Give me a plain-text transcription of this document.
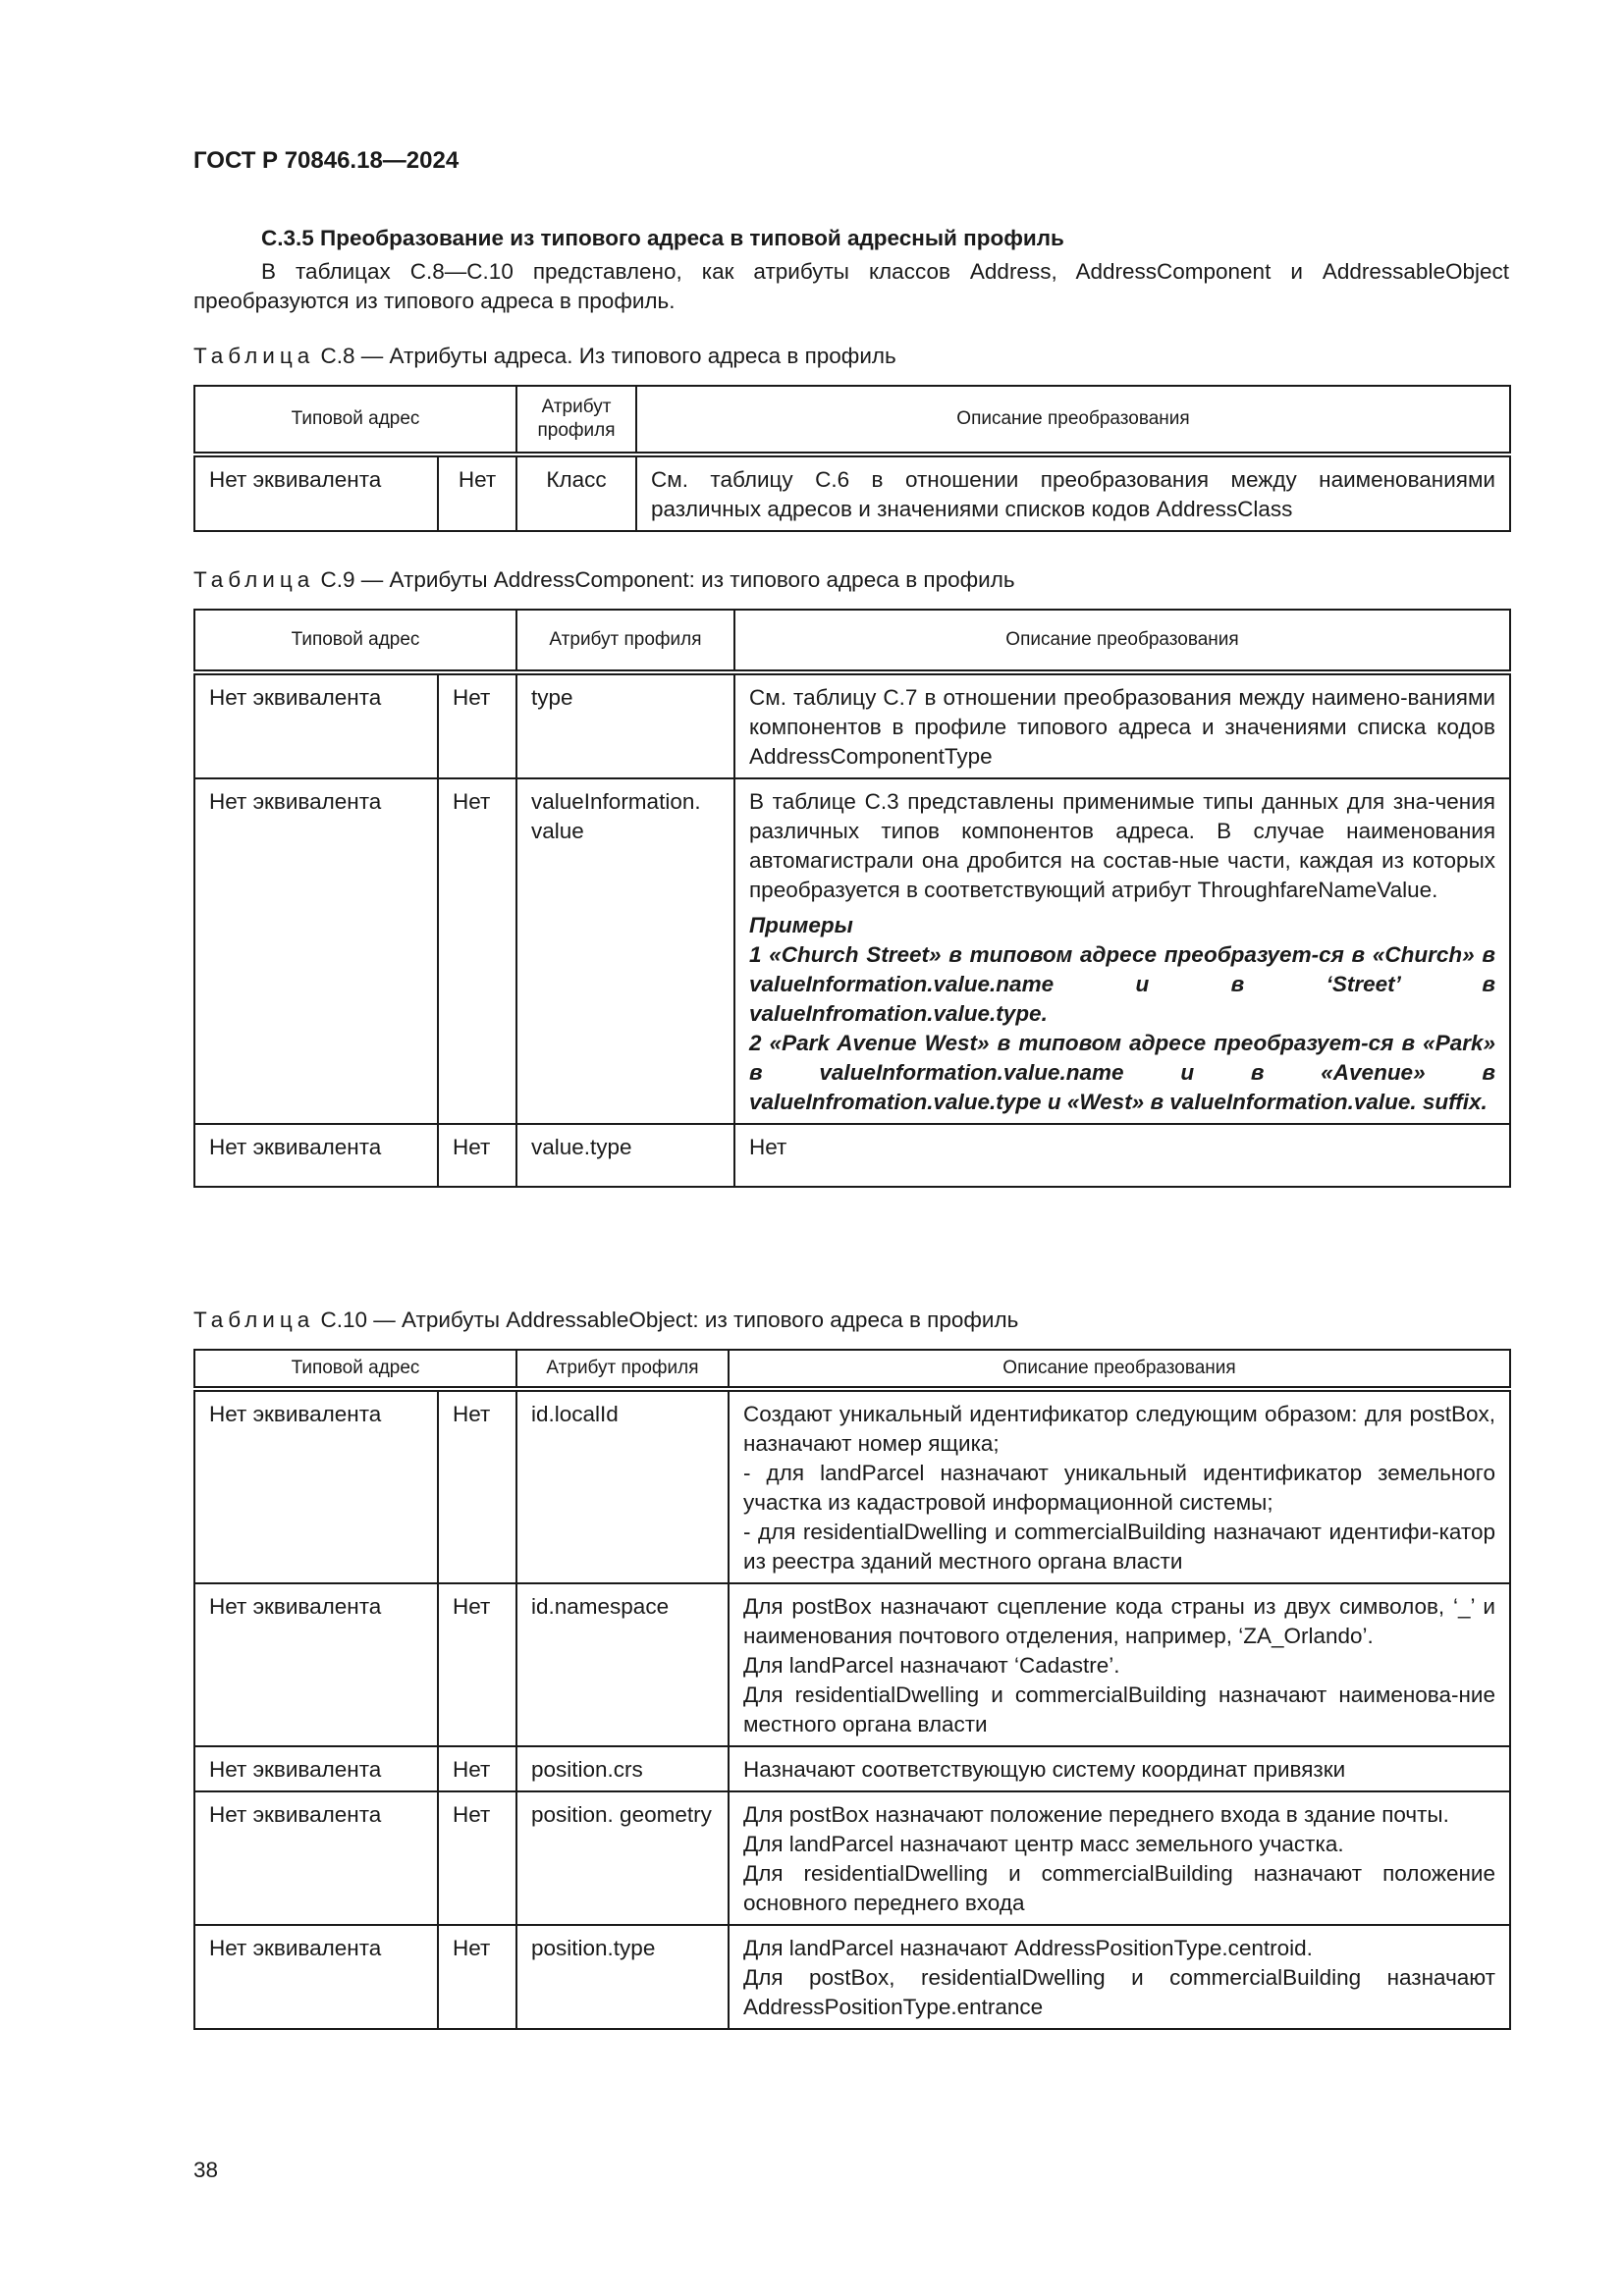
ГОСТ Р 70846.18—2024
С.3.5 Преобразование из типового адреса в типовой адресный профиль
В таблицах С.8—С.10 представлено, как атрибуты классов Address, AddressComponent и AddressableObject преобразуются из типового адреса в профиль.
Таблица С.8 — Атрибуты адреса. Из типового адреса в профиль
Типовой адрес		Атрибут профиля	Описание преобразования
Нет эквивалента	Нет	Класс	См. таблицу С.6 в отношении преобразования между наименованиями различных адресов и значениями списков кодов AddressClass
Таблица С.9 — Атрибуты AddressComponent: из типового адреса в профиль
Типовой адрес		Атрибут профиля	Описание преобразования
Нет эквивалента	Нет	type	См. таблицу С.7 в отношении преобразования между наимено-ваниями компонентов в профиле типового адреса и значениями списка кодов AddressComponentType
Нет эквивалента	Нет	valueInformation. value	В таблице С.3 представлены применимые типы данных для зна-чения различных типов компонентов адреса. В случае наименования автомагистрали она дробится на состав-ные части, каждая из которых преобразуется в соответствующий атрибут ThroughfareNameValue.
Примеры
1 «Church Street» в типовом адресе преобразует-ся в «Church» в valueInformation.value.name и в ‘Street’ в valueInfromation.value.type.
2 «Park Avenue West» в типовом адресе преобразует-ся в «Park» в valueInformation.value.name и в «Avenue» в valueInfromation.value.type и «West» в valueInformation.value. suffix.

Нет эквивалента	Нет	value.type	Нет
Таблица С.10 — Атрибуты AddressableObject: из типового адреса в профиль
Типовой адрес		Атрибут профиля	Описание преобразования
Нет эквивалента	Нет	id.localId	Создают уникальный идентификатор следующим образом: для postBox, назначают номер ящика;
- для landParcel назначают уникальный идентификатор земельного участка из кадастровой информационной системы;
- для residentialDwelling и commercialBuilding назначают идентифи-катор из реестра зданий местного органа власти

Нет эквивалента	Нет	id.namespace	Для postBox назначают сцепление кода страны из двух символов, ‘_’ и наименования почтового отделения, например, ‘ZA_Orlando’.
Для landParcel назначают ‘Cadastre’.
Для residentialDwelling и commercialBuilding назначают наименова-ние местного органа власти

Нет эквивалента	Нет	position.crs	Назначают соответствующую систему координат привязки

Нет эквивалента	Нет	position. geometry	Для postBox назначают положение переднего входа в здание почты.
Для landParcel назначают центр масс земельного участка.
Для residentialDwelling и commercialBuilding назначают положение основного переднего входа

Нет эквивалента	Нет	position.type	Для landParcel назначают AddressPositionType.centroid.
Для postBox, residentialDwelling и commercialBuilding назначают AddressPositionType.entrance
38
